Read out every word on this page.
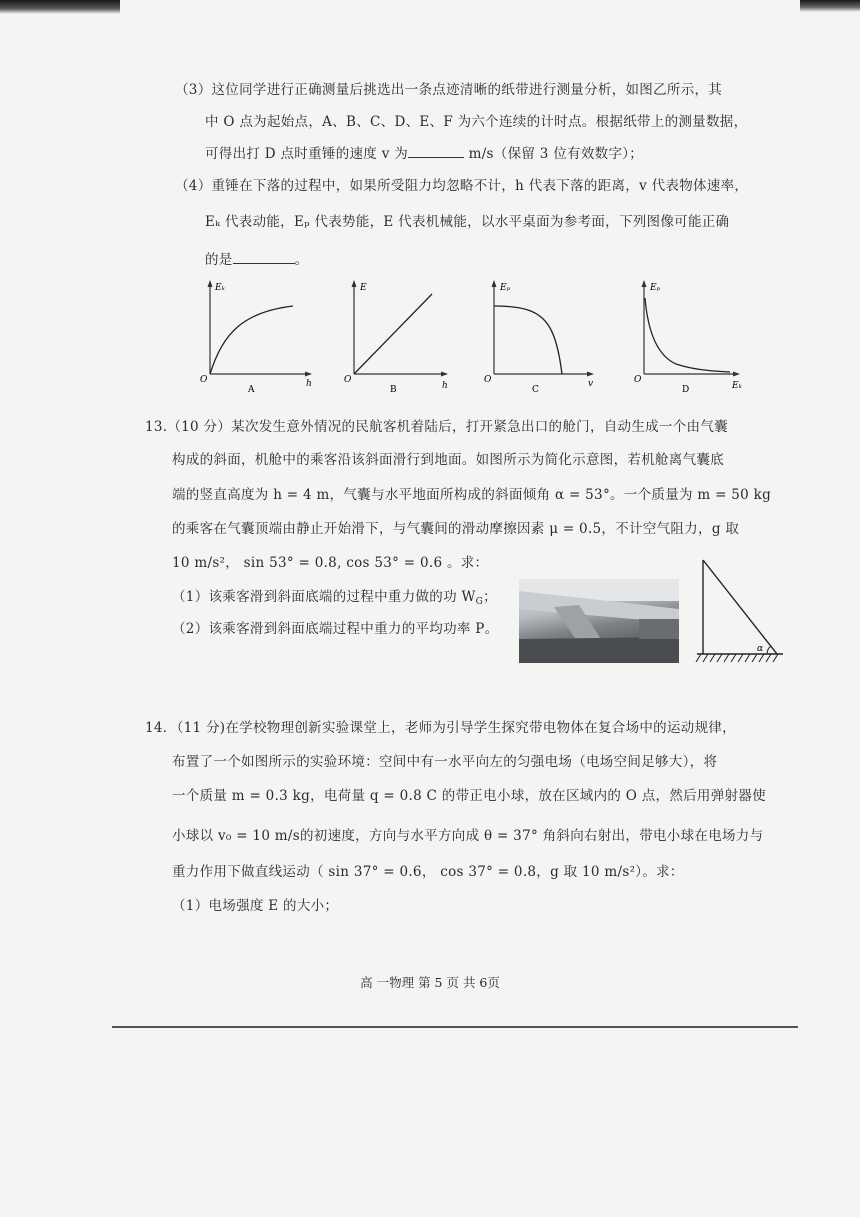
（3）这位同学进行正确测量后挑选出一条点迹清晰的纸带进行测量分析，如图乙所示，其
中 O 点为起始点，A、B、C、D、E、F 为六个连续的计时点。根据纸带上的测量数据，
可得出打 D 点时重锤的速度 v 为	m/s（保留 3 位有效数字）；
（4）重锤在下落的过程中，如果所受阻力均忽略不计，h 代表下落的距离，v 代表物体速率，
Eₖ 代表动能，Eₚ 代表势能，E 代表机械能，以水平桌面为参考面，下列图像可能正确
的是	。
Eₖ
O	h
A
E
O
h
B
Eₚ
O	v
C
Eₚ
O
Eₖ
D
13.（10 分）某次发生意外情况的民航客机着陆后，打开紧急出口的舱门，自动生成一个由气囊
构成的斜面，机舱中的乘客沿该斜面滑行到地面。如图所示为简化示意图，若机舱离气囊底
端的竖直高度为 h = 4 m，气囊与水平地面所构成的斜面倾角 α = 53°。一个质量为 m = 50 kg
的乘客在气囊顶端由静止开始滑下，与气囊间的滑动摩擦因素 μ = 0.5，不计空气阻力，g 取
10 m/s²， sin 53° = 0.8, cos 53° = 0.6 。求：
（1）该乘客滑到斜面底端的过程中重力做的功 $W_G$；
（2）该乘客滑到斜面底端过程中重力的平均功率 P。
α
14．（11 分)在学校物理创新实验课堂上，老师为引导学生探究带电物体在复合场中的运动规律，
布置了一个如图所示的实验环境：空间中有一水平向左的匀强电场（电场空间足够大），将
一个质量 m = 0.3 kg，电荷量 q = 0.8 C 的带正电小球，放在区域内的 O 点，然后用弹射器使
小球以 v₀ = 10 m/s的初速度，方向与水平方向成 θ = 37° 角斜向右射出，带电小球在电场力与
重力作用下做直线运动（ sin 37° = 0.6， cos 37° = 0.8，g 取 10 m/s²）。求：
（1）电场强度 E 的大小；
高 一物理 第 5 页 共 6页
